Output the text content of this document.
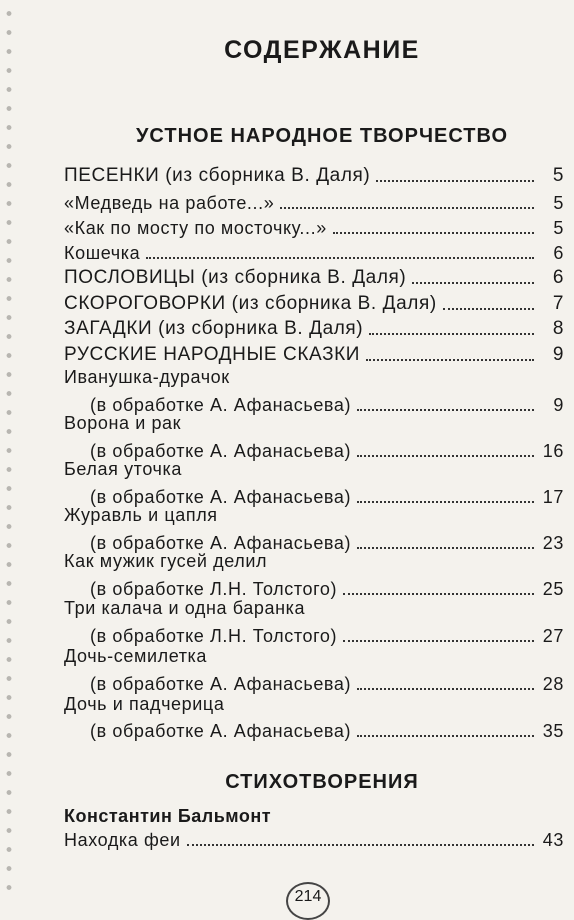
СОДЕРЖАНИЕ
УСТНОЕ НАРОДНОЕ ТВОРЧЕСТВО
ПЕСЕНКИ (из сборника В. Даля)	5
«Медведь на работе...»	5
«Как по мосту по мосточку...»	5
Кошечка	6
ПОСЛОВИЦЫ (из сборника В. Даля)	6
СКОРОГОВОРКИ (из сборника В. Даля)	7
ЗАГАДКИ (из сборника В. Даля)	8
РУССКИЕ НАРОДНЫЕ СКАЗКИ	9
Иванушка-дурачок
(в обработке А. Афанасьева)	9
Ворона и рак
(в обработке А. Афанасьева)	16
Белая уточка
(в обработке А. Афанасьева)	17
Журавль и цапля
(в обработке А. Афанасьева)	23
Как мужик гусей делил
(в обработке Л.Н. Толстого)	25
Три калача и одна баранка
(в обработке Л.Н. Толстого)	27
Дочь-семилетка
(в обработке А. Афанасьева)	28
Дочь и падчерица
(в обработке А. Афанасьева)	35
СТИХОТВОРЕНИЯ
Константин Бальмонт
Находка феи	43
214
